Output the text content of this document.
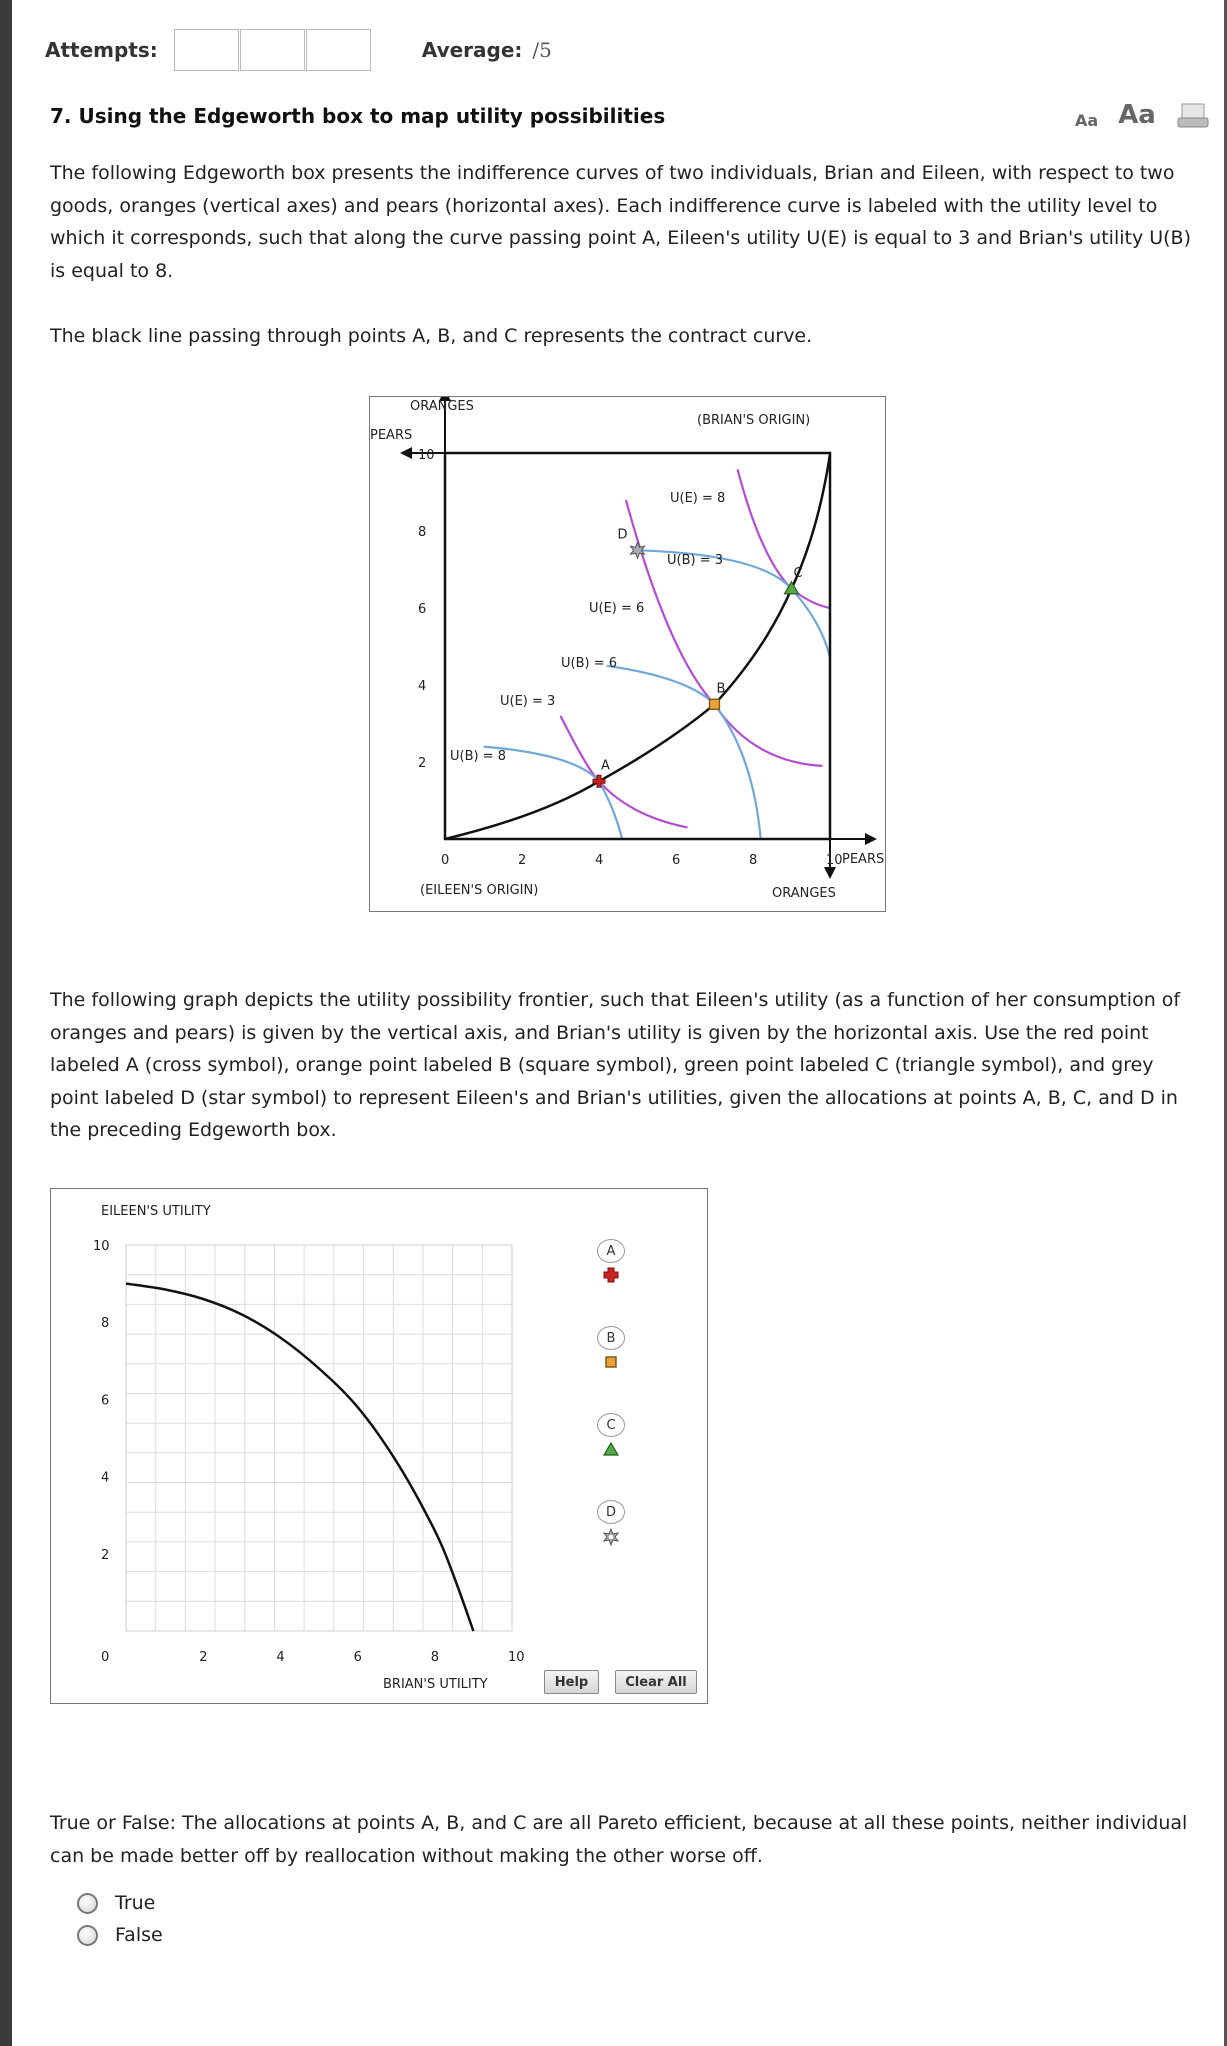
Attempts:	Average: /5
7. Using the Edgeworth box to map utility possibilities	Aa Aa
The following Edgeworth box presents the indifference curves of two individuals, Brian and Eileen, with respect to two goods, oranges (vertical axes) and pears (horizontal axes). Each indifference curve is labeled with the utility level to which it corresponds, such that along the curve passing point A, Eileen's utility U(E) is equal to 3 and Brian's utility U(B) is equal to 8.
The black line passing through points A, B, and C represents the contract curve.
ORANGES
PEARS
(BRIAN'S ORIGIN)
(EILEEN'S ORIGIN)
PEARS
ORANGES
0	2	4	6	8	10
2
4
6
8
10
U(E) = 8
U(B) = 3
U(E) = 6
U(B) = 6
U(E) = 3
U(B) = 8
A
B
C
D
The following graph depicts the utility possibility frontier, such that Eileen's utility (as a function of her consumption of oranges and pears) is given by the vertical axis, and Brian's utility is given by the horizontal axis. Use the red point labeled A (cross symbol), orange point labeled B (square symbol), green point labeled C (triangle symbol), and grey point labeled D (star symbol) to represent Eileen's and Brian's utilities, given the allocations at points A, B, C, and D in the preceding Edgeworth box.
EILEEN'S UTILITY
BRIAN'S UTILITY
0	2	4	6	8	10
2
4
6
8
10	A
B
C
D
Help	Clear All
True or False: The allocations at points A, B, and C are all Pareto efficient, because at all these points, neither individual can be made better off by reallocation without making the other worse off.
True
False
